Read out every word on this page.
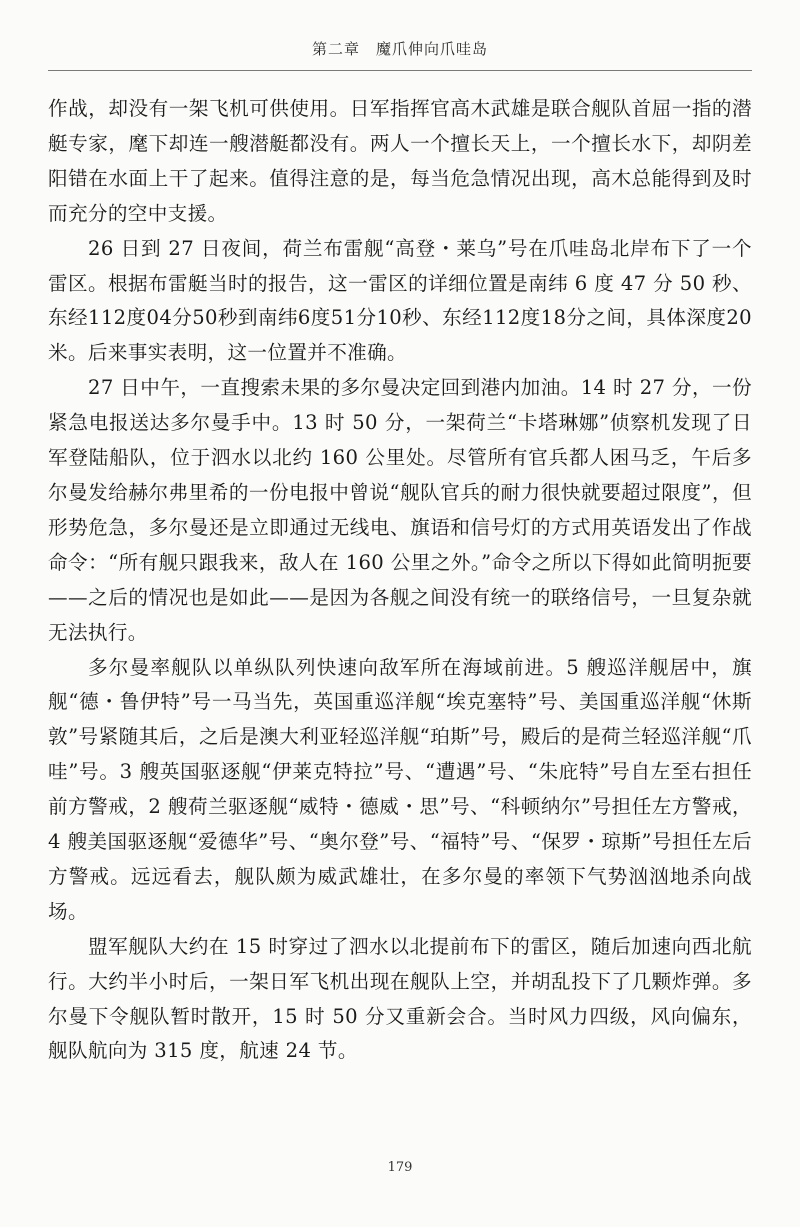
第二章　魔爪伸向爪哇岛

作战，却没有一架飞机可供使用。日军指挥官高木武雄是联合舰队首屈一指的潜艇专家，麾下却连一艘潜艇都没有。两人一个擅长天上，一个擅长水下，却阴差阳错在水面上干了起来。值得注意的是，每当危急情况出现，高木总能得到及时而充分的空中支援。

26 日到 27 日夜间，荷兰布雷舰“高登・莱乌”号在爪哇岛北岸布下了一个雷区。根据布雷艇当时的报告，这一雷区的详细位置是南纬 6 度 47 分 50 秒、东经112度04分50秒到南纬6度51分10秒、东经112度18分之间，具体深度20米。后来事实表明，这一位置并不准确。

27 日中午，一直搜索未果的多尔曼决定回到港内加油。14 时 27 分，一份紧急电报送达多尔曼手中。13 时 50 分，一架荷兰“卡塔琳娜”侦察机发现了日军登陆船队，位于泗水以北约 160 公里处。尽管所有官兵都人困马乏，午后多尔曼发给赫尔弗里希的一份电报中曾说“舰队官兵的耐力很快就要超过限度”，但形势危急，多尔曼还是立即通过无线电、旗语和信号灯的方式用英语发出了作战命令：“所有舰只跟我来，敌人在 160 公里之外。”命令之所以下得如此简明扼要——之后的情况也是如此——是因为各舰之间没有统一的联络信号，一旦复杂就无法执行。

多尔曼率舰队以单纵队列快速向敌军所在海域前进。5 艘巡洋舰居中，旗舰“德・鲁伊特”号一马当先，英国重巡洋舰“埃克塞特”号、美国重巡洋舰“休斯敦”号紧随其后，之后是澳大利亚轻巡洋舰“珀斯”号，殿后的是荷兰轻巡洋舰“爪哇”号。3 艘英国驱逐舰“伊莱克特拉”号、“遭遇”号、“朱庇特”号自左至右担任前方警戒，2 艘荷兰驱逐舰“威特・德威・思”号、“科顿纳尔”号担任左方警戒，4 艘美国驱逐舰“爱德华”号、“奥尔登”号、“福特”号、“保罗・琼斯”号担任左后方警戒。远远看去，舰队颇为威武雄壮，在多尔曼的率领下气势汹汹地杀向战场。

盟军舰队大约在 15 时穿过了泗水以北提前布下的雷区，随后加速向西北航行。大约半小时后，一架日军飞机出现在舰队上空，并胡乱投下了几颗炸弹。多尔曼下令舰队暂时散开，15 时 50 分又重新会合。当时风力四级，风向偏东，舰队航向为 315 度，航速 24 节。

179
